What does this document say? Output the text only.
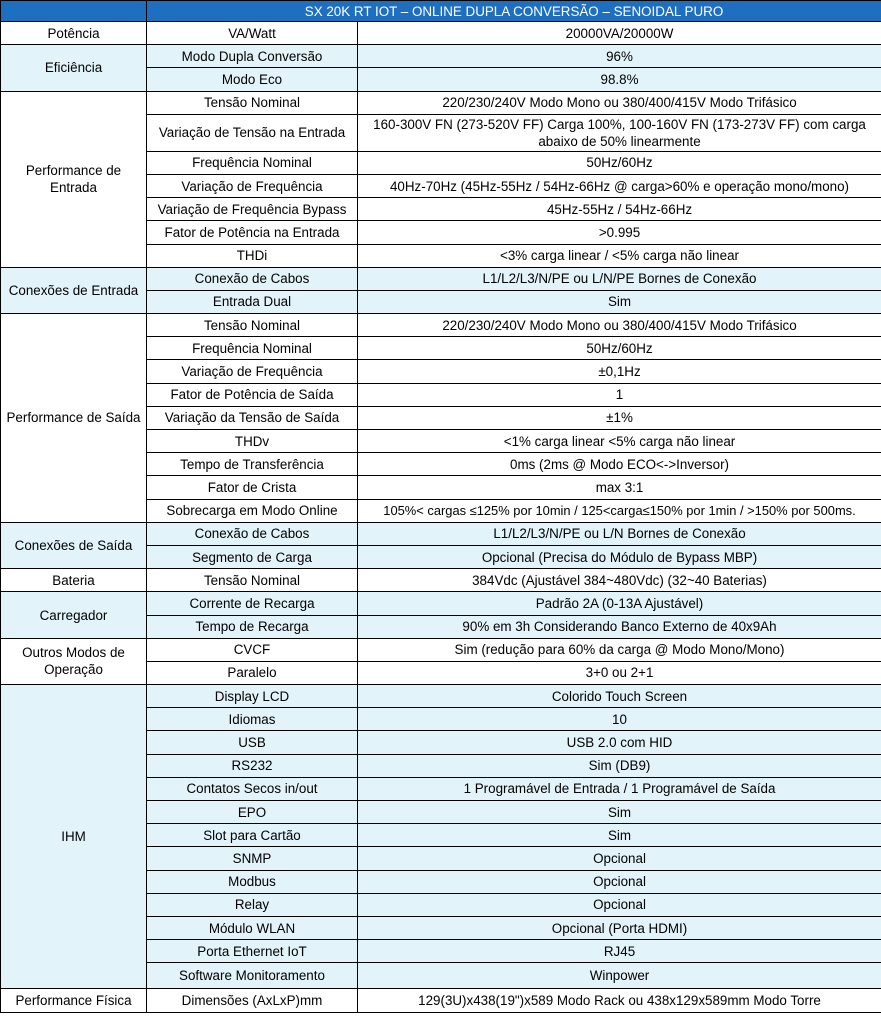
	SX 20K RT IOT – ONLINE DUPLA CONVERSÃO – SENOIDAL PURO	
Potência	VA/Watt	20000VA/20000W
Eficiência	Modo Dupla Conversão	96%
	Modo Eco	98.8%
Performance de Entrada	Tensão Nominal	220/230/240V Modo Mono ou 380/400/415V Modo Trifásico
	Variação de Tensão na Entrada	160-300V FN (273-520V FF) Carga 100%, 100-160V FN (173-273V FF) com carga abaixo de 50% linearmente
	Frequência Nominal	50Hz/60Hz
	Variação de Frequência	40Hz-70Hz (45Hz-55Hz / 54Hz-66Hz @ carga>60% e operação mono/mono)
	Variação de Frequência Bypass	45Hz-55Hz / 54Hz-66Hz
	Fator de Potência na Entrada	>0.995
	THDi	<3% carga linear / <5% carga não linear
Conexões de Entrada	Conexão de Cabos	L1/L2/L3/N/PE ou L/N/PE Bornes de Conexão
	Entrada Dual	Sim
Performance de Saída	Tensão Nominal	220/230/240V Modo Mono ou 380/400/415V Modo Trifásico
	Frequência Nominal	50Hz/60Hz
	Variação de Frequência	±0,1Hz
	Fator de Potência de Saída	1
	Variação da Tensão de Saída	±1%
	THDv	<1% carga linear <5% carga não linear
	Tempo de Transferência	0ms (2ms @ Modo ECO<->Inversor)
	Fator de Crista	max 3:1
	Sobrecarga em Modo Online	105%< cargas ≤125% por 10min / 125<carga≤150% por 1min / >150% por 500ms.
Conexões de Saída	Conexão de Cabos	L1/L2/L3/N/PE ou L/N Bornes de Conexão
	Segmento de Carga	Opcional (Precisa do Módulo de Bypass MBP)
Bateria	Tensão Nominal	384Vdc (Ajustável 384~480Vdc) (32~40 Baterias)
Carregador	Corrente de Recarga	Padrão 2A (0-13A Ajustável)
	Tempo de Recarga	90% em 3h Considerando Banco Externo de 40x9Ah
Outros Modos de Operação	CVCF	Sim (redução para 60% da carga @ Modo Mono/Mono)
	Paralelo	3+0 ou 2+1
IHM	Display LCD	Colorido Touch Screen
	Idiomas	10
	USB	USB 2.0 com HID
	RS232	Sim (DB9)
	Contatos Secos in/out	1 Programável de Entrada / 1 Programável de Saída
	EPO	Sim
	Slot para Cartão	Sim
	SNMP	Opcional
	Modbus	Opcional
	Relay	Opcional
	Módulo WLAN	Opcional (Porta HDMI)
	Porta Ethernet IoT	RJ45
	Software Monitoramento	Winpower
Performance Física	Dimensões (AxLxP)mm	129(3U)x438(19")x589 Modo Rack ou 438x129x589mm Modo Torre
